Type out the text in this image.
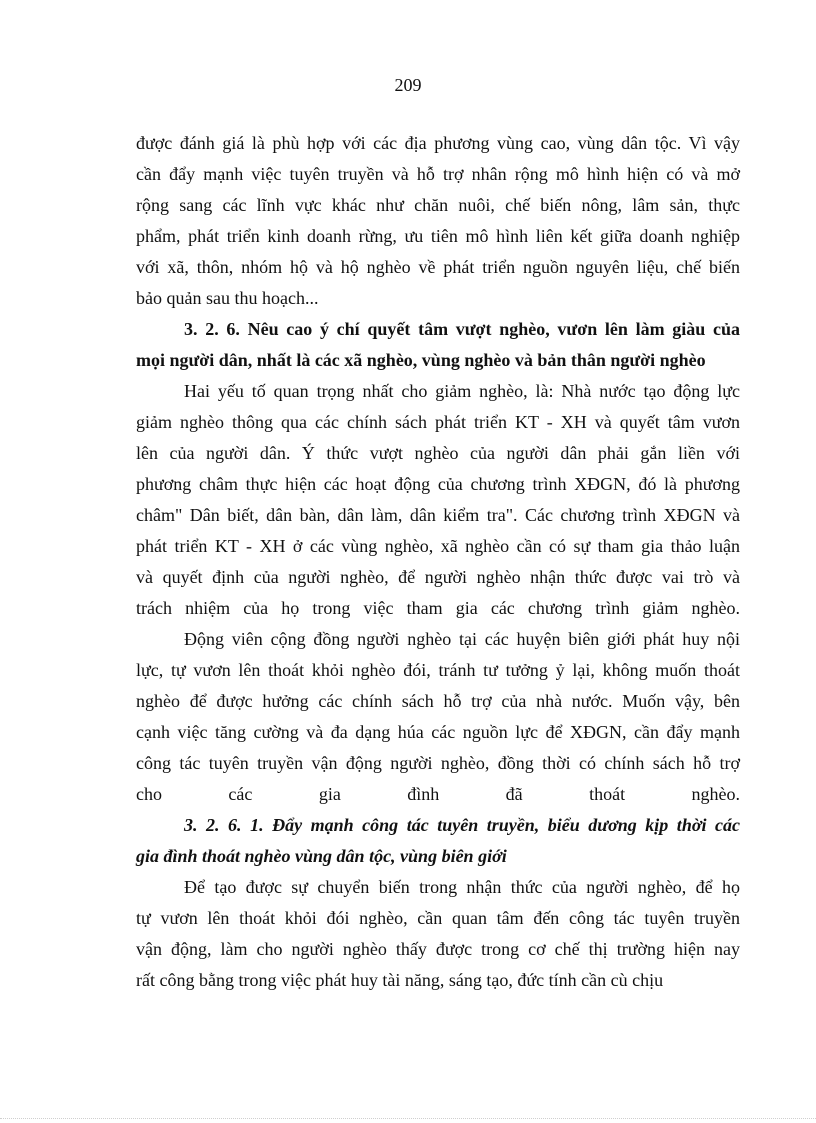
209
được đánh giá là phù hợp với các địa phương vùng cao, vùng dân tộc. Vì vậy
cần đẩy mạnh việc tuyên truyền và hỗ trợ nhân rộng mô hình hiện có và mở
rộng sang các lĩnh vực khác như chăn nuôi, chế biến nông, lâm sản, thực
phẩm, phát triển kinh doanh rừng, ưu tiên mô hình liên kết giữa doanh nghiệp
với xã, thôn, nhóm hộ và hộ nghèo về phát triển nguồn nguyên liệu, chế biến
bảo quản sau thu hoạch...
3. 2. 6. Nêu cao ý chí quyết tâm vượt nghèo, vươn lên làm giàu của
mọi người dân, nhất là các xã nghèo, vùng nghèo và bản thân người nghèo
Hai yếu tố quan trọng nhất cho giảm nghèo, là: Nhà nước tạo động lực
giảm nghèo thông qua các chính sách phát triển KT - XH và quyết tâm vươn
lên của người dân. Ý thức vượt nghèo của người dân phải gắn liền với
phương châm thực hiện các hoạt động của chương trình XĐGN, đó là phương
châm" Dân biết, dân bàn, dân làm, dân kiểm tra". Các chương trình XĐGN và
phát triển KT - XH ở các vùng nghèo, xã nghèo cần có sự tham gia thảo luận
và quyết định của người nghèo, để người nghèo nhận thức được vai trò và
trách nhiệm của họ trong việc tham gia các chương trình giảm nghèo.
Động viên cộng đồng người nghèo tại các huyện biên giới phát huy nội
lực, tự vươn lên thoát khỏi nghèo đói, tránh tư tưởng ỷ lại, không muốn thoát
nghèo để được hưởng các chính sách hỗ trợ của nhà nước. Muốn vậy, bên
cạnh việc tăng cường và đa dạng húa các nguồn lực để XĐGN, cần đẩy mạnh
công tác tuyên truyền vận động người nghèo, đồng thời có chính sách hỗ trợ
cho các gia đình đã thoát nghèo.
3. 2. 6. 1. Đẩy mạnh công tác tuyên truyền, biểu dương kịp thời các
gia đình thoát nghèo vùng dân tộc, vùng biên giới
Để tạo được sự chuyển biến trong nhận thức của người nghèo, để họ
tự vươn lên thoát khỏi đói nghèo, cần quan tâm đến công tác tuyên truyền
vận động, làm cho người nghèo thấy được trong cơ chế thị trường hiện nay
rất công bằng trong việc phát huy tài năng, sáng tạo, đức tính cần cù chịu
